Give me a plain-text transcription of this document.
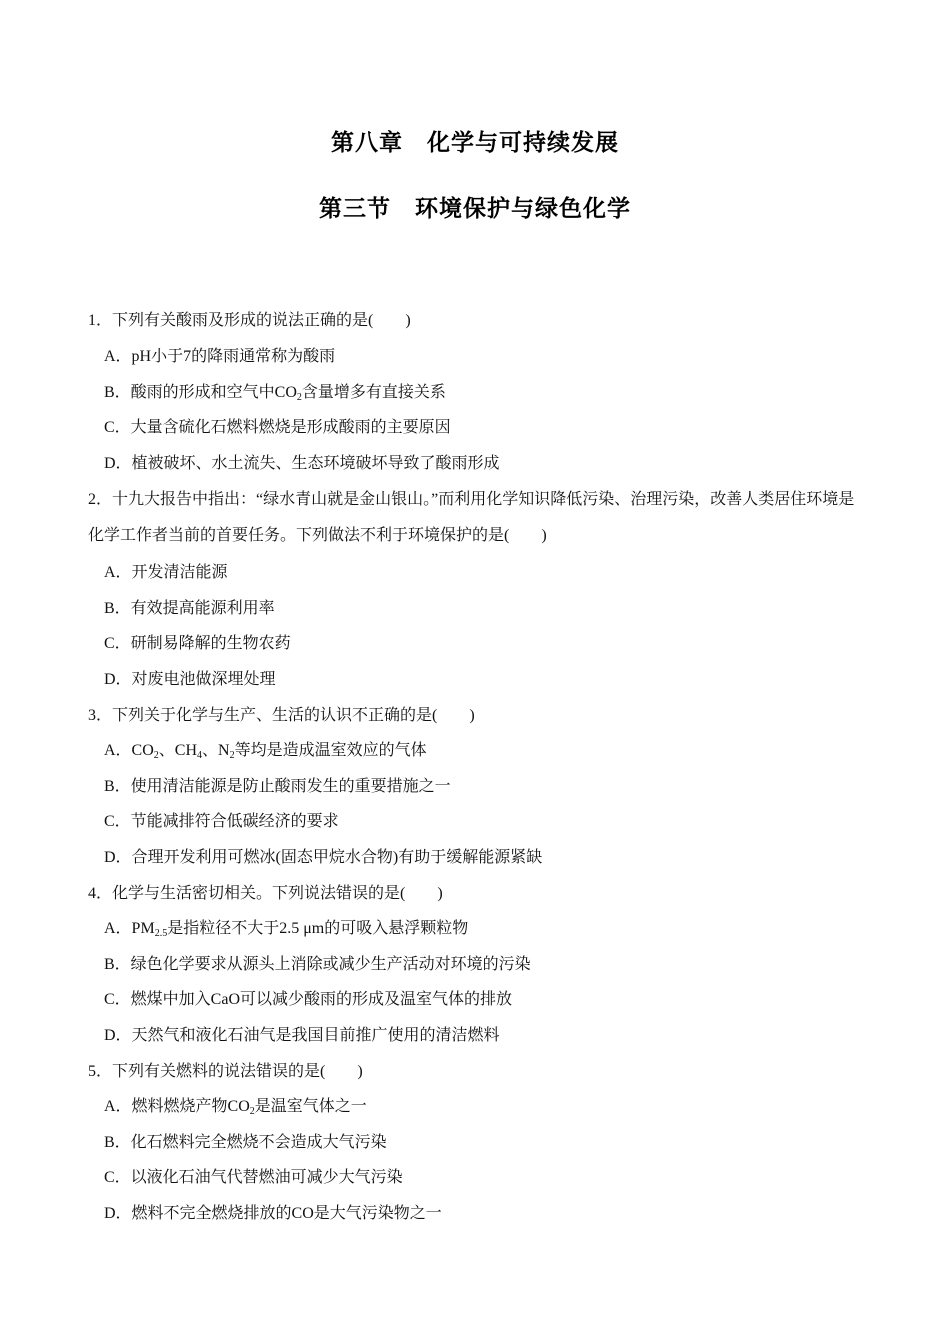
第八章　化学与可持续发展
第三节　环境保护与绿色化学
1．下列有关酸雨及形成的说法正确的是(　　)
A．pH小于7的降雨通常称为酸雨
B．酸雨的形成和空气中$CO_2$含量增多有直接关系
C．大量含硫化石燃料燃烧是形成酸雨的主要原因
D．植被破坏、水土流失、生态环境破坏导致了酸雨形成
2．十九大报告中指出：“绿水青山就是金山银山。”而利用化学知识降低污染、治理污染，改善人类居住环境是化学工作者当前的首要任务。下列做法不利于环境保护的是(　　)
A．开发清洁能源
B．有效提高能源利用率
C．研制易降解的生物农药
D．对废电池做深埋处理
3．下列关于化学与生产、生活的认识不正确的是(　　)
A．$CO_2$、$CH_4$、$N_2$等均是造成温室效应的气体
B．使用清洁能源是防止酸雨发生的重要措施之一
C．节能减排符合低碳经济的要求
D．合理开发利用可燃冰(固态甲烷水合物)有助于缓解能源紧缺
4．化学与生活密切相关。下列说法错误的是(　　)
A．$PM_{2.5}$是指粒径不大于2.5 μm的可吸入悬浮颗粒物
B．绿色化学要求从源头上消除或减少生产活动对环境的污染
C．燃煤中加入CaO可以减少酸雨的形成及温室气体的排放
D．天然气和液化石油气是我国目前推广使用的清洁燃料
5．下列有关燃料的说法错误的是(　　)
A．燃料燃烧产物$CO_2$是温室气体之一
B．化石燃料完全燃烧不会造成大气污染
C．以液化石油气代替燃油可减少大气污染
D．燃料不完全燃烧排放的CO是大气污染物之一
